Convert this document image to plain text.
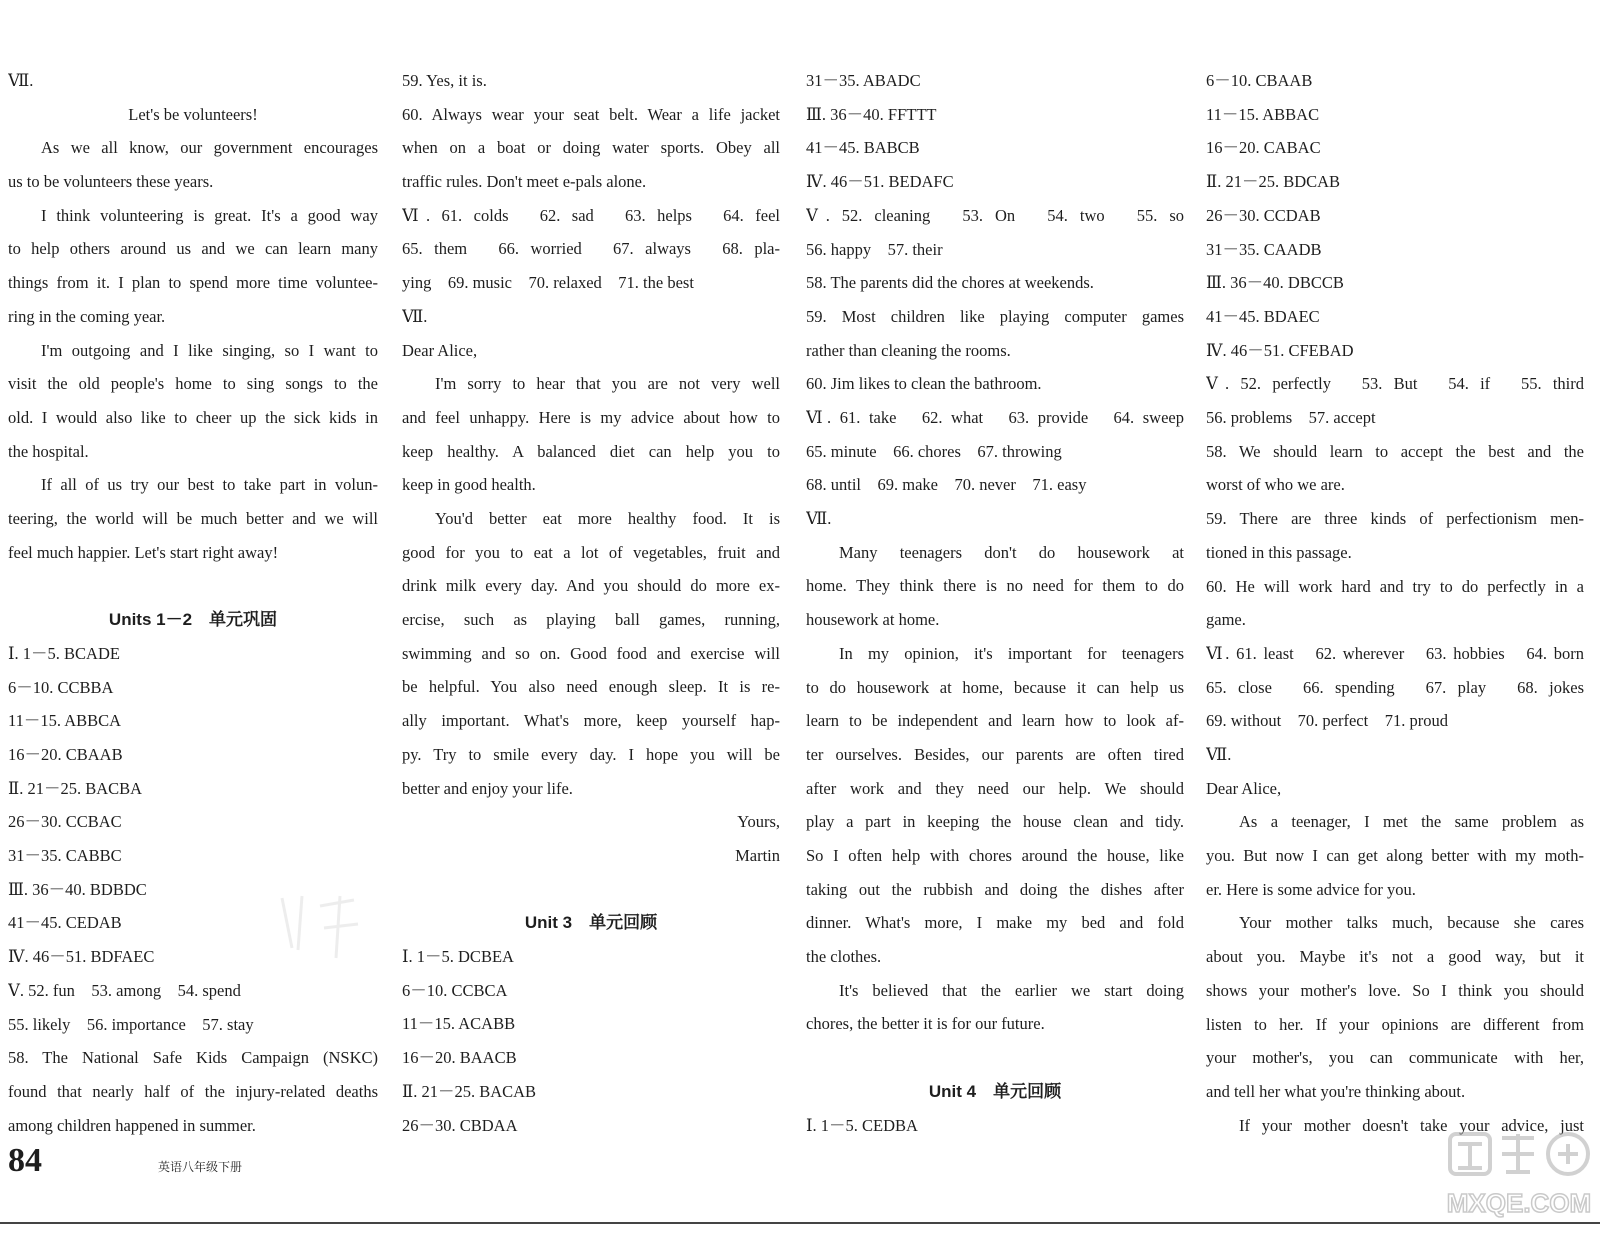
Ⅶ.
Let's be volunteers!
As we all know, our government encourages
us to be volunteers these years.
I think volunteering is great. It's a good way
to help others around us and we can learn many
things from it. I plan to spend more time voluntee-
ring in the coming year.
I'm outgoing and I like singing, so I want to
visit the old people's home to sing songs to the
old. I would also like to cheer up the sick kids in
the hospital.
If all of us try our best to take part in volun-
teering, the world will be much better and we will
feel much happier. Let's start right away!
Units 1－2　单元巩固
Ⅰ. 1－5. BCADE
6－10. CCBBA
11－15. ABBCA
16－20. CBAAB
Ⅱ. 21－25. BACBA
26－30. CCBAC
31－35. CABBC
Ⅲ. 36－40. BDBDC
41－45. CEDAB
Ⅳ. 46－51. BDFAEC
Ⅴ. 52. fun　53. among　54. spend
55. likely　56. importance　57. stay
58. The National Safe Kids Campaign (NSKC)
found that nearly half of the injury-related deaths
among children happened in summer.
59. Yes, it is.
60. Always wear your seat belt. Wear a life jacket
when on a boat or doing water sports. Obey all
traffic rules. Don't meet e-pals alone.
Ⅵ. 61. colds　62. sad　63. helps　64. feel
65. them　66. worried　67. always　68. pla-
ying　69. music　70. relaxed　71. the best
Ⅶ.
Dear Alice,
I'm sorry to hear that you are not very well
and feel unhappy. Here is my advice about how to
keep healthy. A balanced diet can help you to
keep in good health.
You'd better eat more healthy food. It is
good for you to eat a lot of vegetables, fruit and
drink milk every day. And you should do more ex-
ercise, such as playing ball games, running,
swimming and so on. Good food and exercise will
be helpful. You also need enough sleep. It is re-
ally important. What's more, keep yourself hap-
py. Try to smile every day. I hope you will be
better and enjoy your life.
Yours,
Martin
Unit 3　单元回顾
Ⅰ. 1－5. DCBEA
6－10. CCBCA
11－15. ACABB
16－20. BAACB
Ⅱ. 21－25. BACAB
26－30. CBDAA
31－35. ABADC
Ⅲ. 36－40. FFTTT
41－45. BABCB
Ⅳ. 46－51. BEDAFC
Ⅴ. 52. cleaning　53. On　54. two　55. so
56. happy　57. their
58. The parents did the chores at weekends.
59. Most children like playing computer games
rather than cleaning the rooms.
60. Jim likes to clean the bathroom.
Ⅵ. 61. take　62. what　63. provide　64. sweep
65. minute　66. chores　67. throwing
68. until　69. make　70. never　71. easy
Ⅶ.
Many teenagers don't do housework at
home. They think there is no need for them to do
housework at home.
In my opinion, it's important for teenagers
to do housework at home, because it can help us
learn to be independent and learn how to look af-
ter ourselves. Besides, our parents are often tired
after work and they need our help. We should
play a part in keeping the house clean and tidy.
So I often help with chores around the house, like
taking out the rubbish and doing the dishes after
dinner. What's more, I make my bed and fold
the clothes.
It's believed that the earlier we start doing
chores, the better it is for our future.
Unit 4　单元回顾
Ⅰ. 1－5. CEDBA
6－10. CBAAB
11－15. ABBAC
16－20. CABAC
Ⅱ. 21－25. BDCAB
26－30. CCDAB
31－35. CAADB
Ⅲ. 36－40. DBCCB
41－45. BDAEC
Ⅳ. 46－51. CFEBAD
Ⅴ. 52. perfectly　53. But　54. if　55. third
56. problems　57. accept
58. We should learn to accept the best and the
worst of who we are.
59. There are three kinds of perfectionism men-
tioned in this passage.
60. He will work hard and try to do perfectly in a
game.
Ⅵ. 61. least　62. wherever　63. hobbies　64. born
65. close　66. spending　67. play　68. jokes
69. without　70. perfect　71. proud
Ⅶ.
Dear Alice,
As a teenager, I met the same problem as
you. But now I can get along better with my moth-
er. Here is some advice for you.
Your mother talks much, because she cares
about you. Maybe it's not a good way, but it
shows your mother's love. So I think you should
listen to her. If your opinions are different from
your mother's, you can communicate with her,
and tell her what you're thinking about.
If your mother doesn't take your advice, just
84	英语八年级下册
MXQE.COM
